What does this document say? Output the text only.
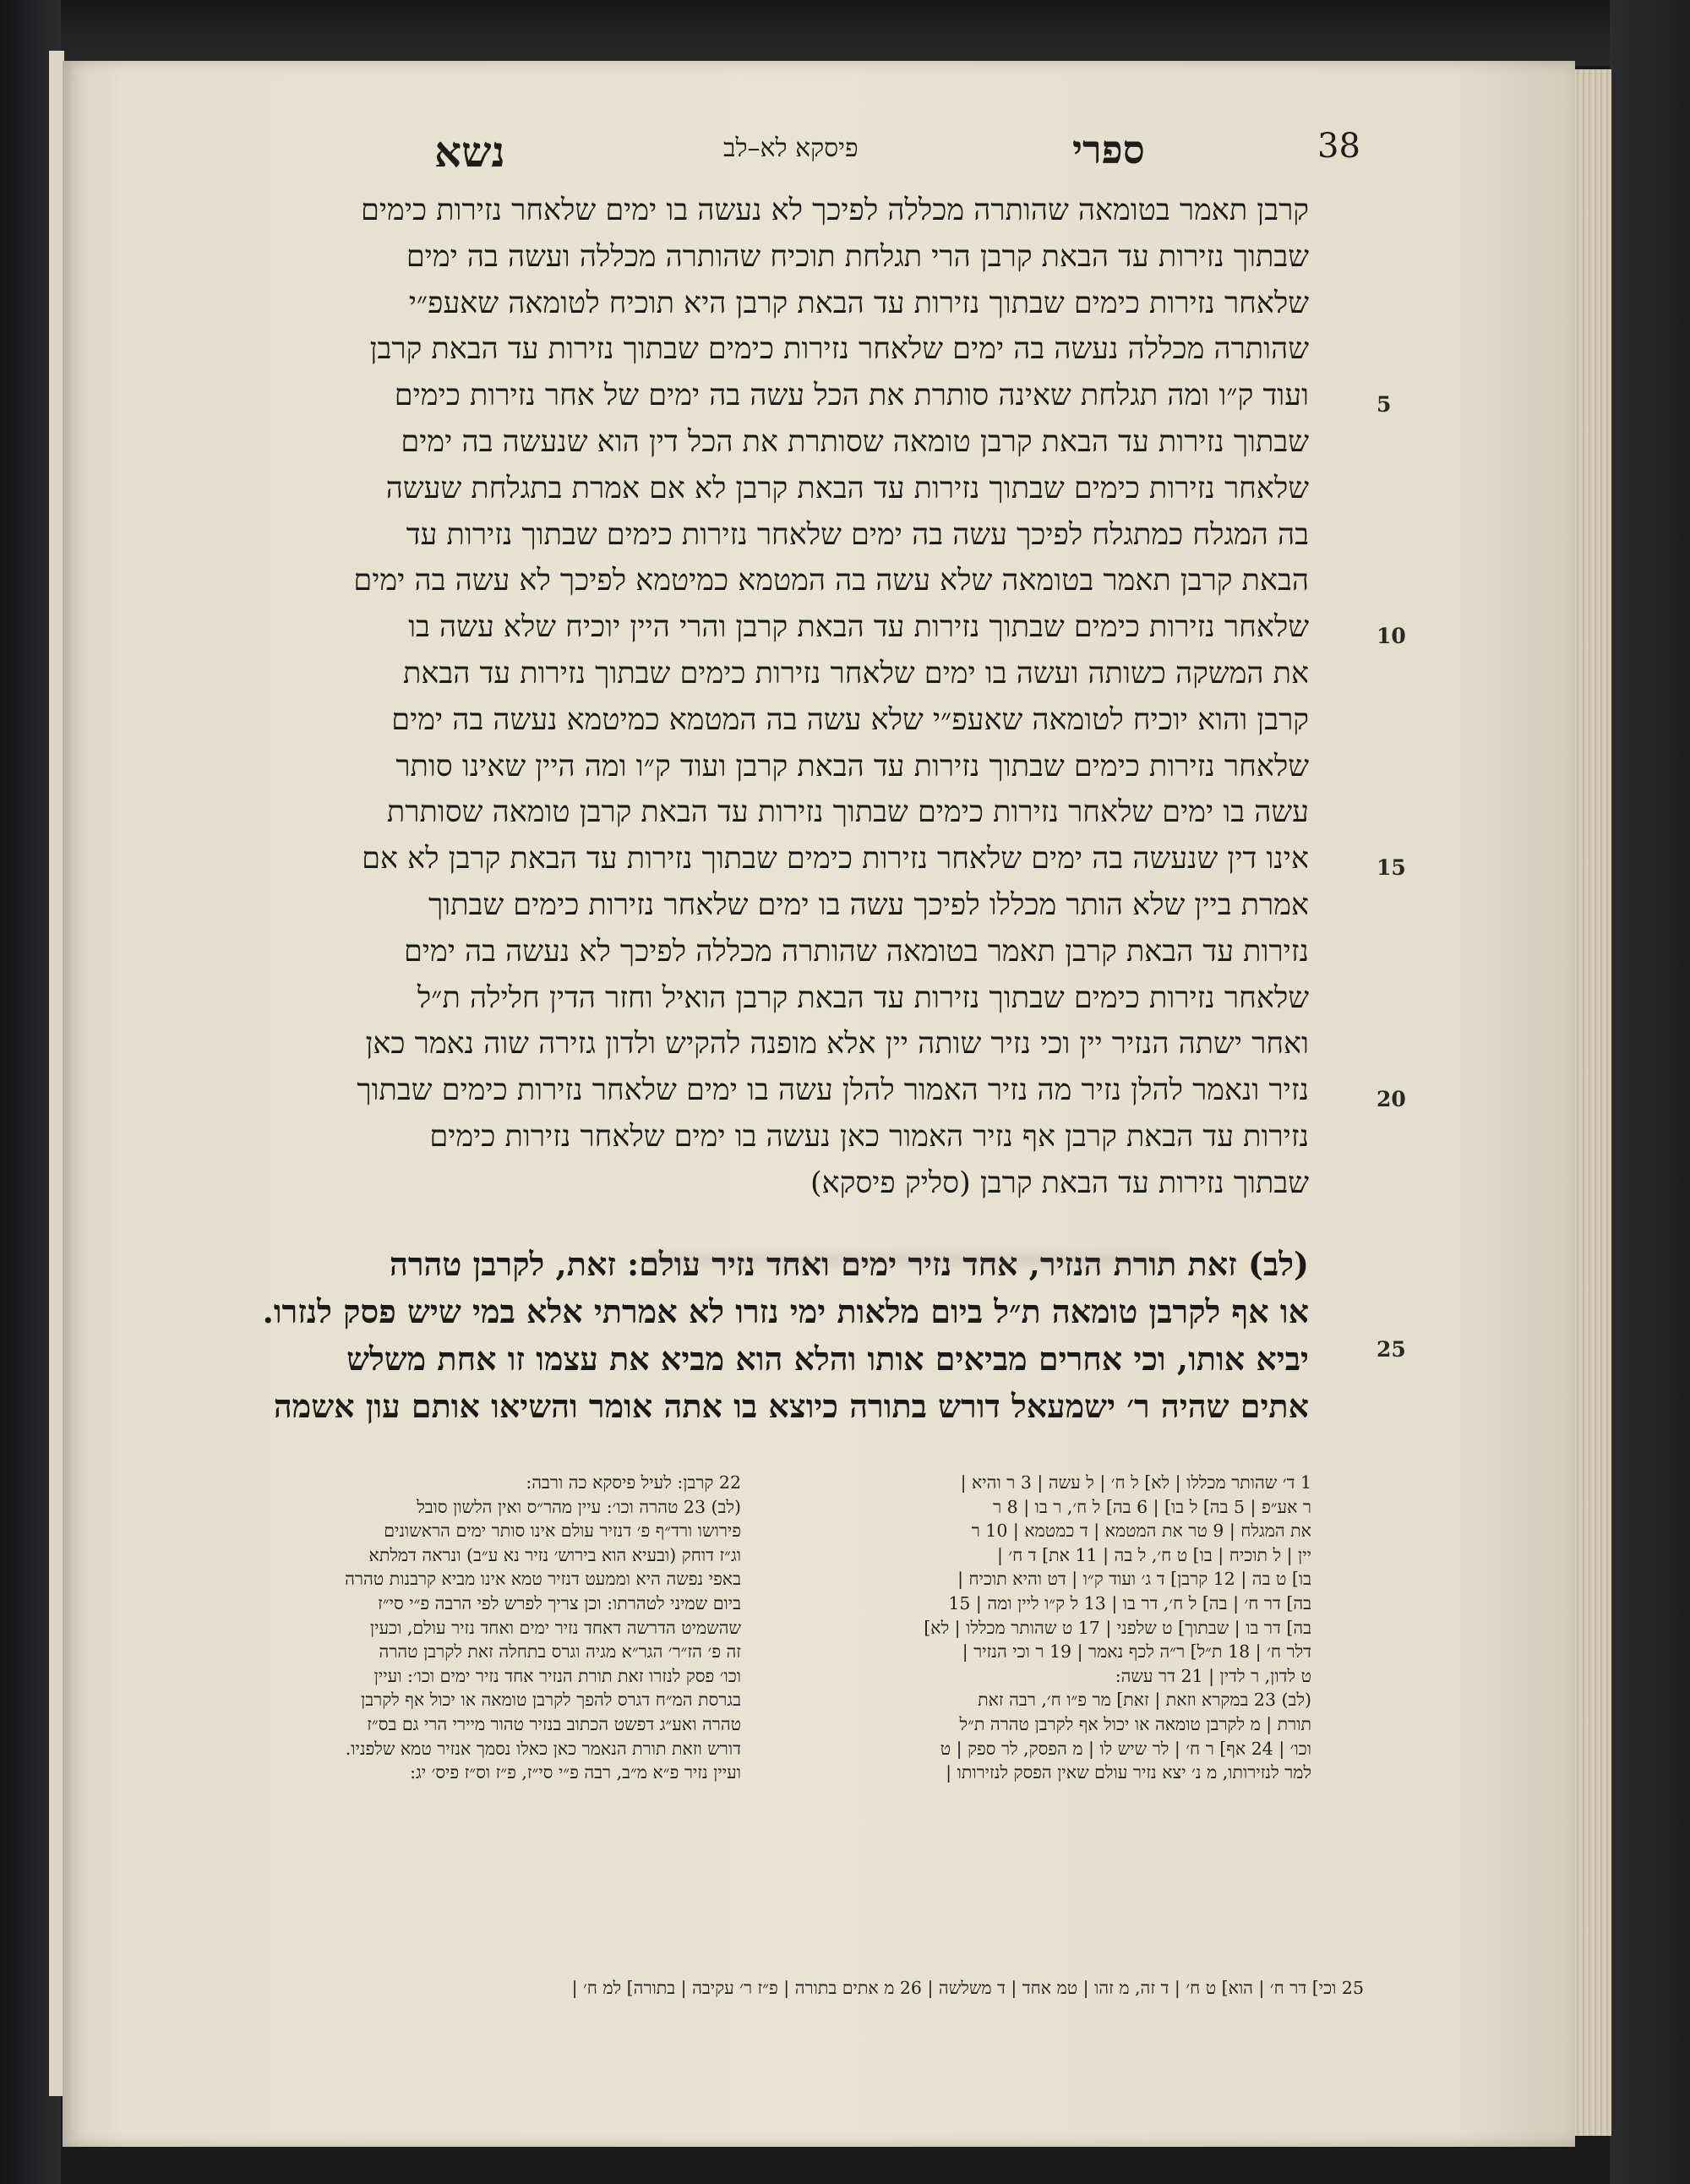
38
ספרי
פיסקא לא–לב
נשא
קרבן תאמר בטומאה שהותרה מכללה לפיכך לא נעשה בו ימים שלאחר נזירות כימים
שבתוך נזירות עד הבאת קרבן הרי תגלחת תוכיח שהותרה מכללה ועשה בה ימים
שלאחר נזירות כימים שבתוך נזירות עד הבאת קרבן היא תוכיח לטומאה שאעפ״י
שהותרה מכללה נעשה בה ימים שלאחר נזירות כימים שבתוך נזירות עד הבאת קרבן
ועוד ק״ו ומה תגלחת שאינה סותרת את הכל עשה בה ימים של אחר נזירות כימים
שבתוך נזירות עד הבאת קרבן טומאה שסותרת את הכל דין הוא שנעשה בה ימים
שלאחר נזירות כימים שבתוך נזירות עד הבאת קרבן לא אם אמרת בתגלחת שעשה
בה המגלח כמתגלח לפיכך עשה בה ימים שלאחר נזירות כימים שבתוך נזירות עד
הבאת קרבן תאמר בטומאה שלא עשה בה המטמא כמיטמא לפיכך לא עשה בה ימים
שלאחר נזירות כימים שבתוך נזירות עד הבאת קרבן והרי היין יוכיח שלא עשה בו
את המשקה כשותה ועשה בו ימים שלאחר נזירות כימים שבתוך נזירות עד הבאת
קרבן והוא יוכיח לטומאה שאעפ״י שלא עשה בה המטמא כמיטמא נעשה בה ימים
שלאחר נזירות כימים שבתוך נזירות עד הבאת קרבן ועוד ק״ו ומה היין שאינו סותר
עשה בו ימים שלאחר נזירות כימים שבתוך נזירות עד הבאת קרבן טומאה שסותרת
אינו דין שנעשה בה ימים שלאחר נזירות כימים שבתוך נזירות עד הבאת קרבן לא אם
אמרת ביין שלא הותר מכללו לפיכך עשה בו ימים שלאחר נזירות כימים שבתוך
נזירות עד הבאת קרבן תאמר בטומאה שהותרה מכללה לפיכך לא נעשה בה ימים
שלאחר נזירות כימים שבתוך נזירות עד הבאת קרבן הואיל וחזר הדין חלילה ת״ל
ואחר ישתה הנזיר יין וכי נזיר שותה יין אלא מופנה להקיש ולדון גזירה שוה נאמר כאן
נזיר ונאמר להלן נזיר מה נזיר האמור להלן עשה בו ימים שלאחר נזירות כימים שבתוך
נזירות עד הבאת קרבן אף נזיר האמור כאן נעשה בו ימים שלאחר נזירות כימים
שבתוך נזירות עד הבאת קרבן (סליק פיסקא)
(לב) זאת תורת הנזיר, אחד נזיר ימים ואחד נזיר עולם: זאת, לקרבן טהרה
או אף לקרבן טומאה ת״ל ביום מלאות ימי נזרו לא אמרתי אלא במי שיש פסק לנזרו.
יביא אותו, וכי אחרים מביאים אותו והלא הוא מביא את עצמו זו אחת משלש
אתים שהיה ר׳ ישמעאל דורש בתורה כיוצא בו אתה אומר והשיאו אותם עון אשמה
5
10
15
20
25
1 ד׳ שהותר מכללו | לא] ל ח׳ | ל עשה | 3 ר והיא |
ר אע״פ | 5 בה] ל בו] | 6 בה] ל ח׳, ר בו | 8 ר
את המגלח | 9 טר את המטמא | ד כמטמא | 10 ר
יין | ל תוכיח | בו] ט ח׳, ל בה | 11 את] ד ח׳ |
בו] ט בה | 12 קרבן] ד ג׳ ועוד ק״ו | דט והיא תוכיח |
בה] דר ח׳ | בה] ל ח׳, דר בו | 13 ל ק״ו ליין ומה | 15
בה] דר בו | שבתוך] ט שלפני | 17 ט שהותר מכללו | לא]
דלר ח׳ | 18 ת״ל] ר״ה לכף נאמר | 19 ר וכי הנזיר |
ט לדון, ר לדין | 21 דר עשה:
(לב) 23 במקרא וזאת | זאת] מר פ״ו ח׳, רבה זאת
תורת | מ לקרבן טומאה או יכול אף לקרבן טהרה ת״ל
וכו׳ | 24 אף] ר ח׳ | לר שיש לו | מ הפסק, לר ספק | ט
למר לנזירותו, מ נ׳ יצא נזיר עולם שאין הפסק לנזירותו |
22 קרבן: לעיל פיסקא כה ורבה:
(לב) 23 טהרה וכו׳: עיין מהר״ס ואין הלשון סובל
פירושו ורד״ף פ׳ דנזיר עולם אינו סותר ימים הראשונים
וג״ז דוחק (ובעיא הוא בירוש׳ נזיר נא ע״ב) ונראה דמלתא
באפי נפשה היא וממעט דנזיר טמא אינו מביא קרבנות טהרה
ביום שמיני לטהרתו: וכן צריך לפרש לפי הרבה פ״י סי״ז
שהשמיט הדרשה דאחד נזיר ימים ואחד נזיר עולם, וכעין
זה פ׳ הז״ר׳ הגר״א מגיה וגרס בתחלה זאת לקרבן טהרה
וכו׳ פסק לנזרו זאת תורת הנזיר אחד נזיר ימים וכו׳: ועיין
בגרסת המ״ח דגרס להפך לקרבן טומאה או יכול אף לקרבן
טהרה ואע״ג דפשט הכתוב בנזיר טהור מיירי הרי גם בס״ז
דורש וזאת תורת הנאמר כאן כאלו נסמך אנזיר טמא שלפניו.
ועיין נזיר פ״א מ״ב, רבה פ״י סי״ז, פ״ז וס״ז פיס׳ יג:
25 וכי] דר ח׳ | הוא] ט ח׳ | ד זה, מ זהו | טמ אחד | ד משלשה | 26 מ אתים בתורה | פ״ז ר׳ עקיבה | בתורה] למ ח׳ |
